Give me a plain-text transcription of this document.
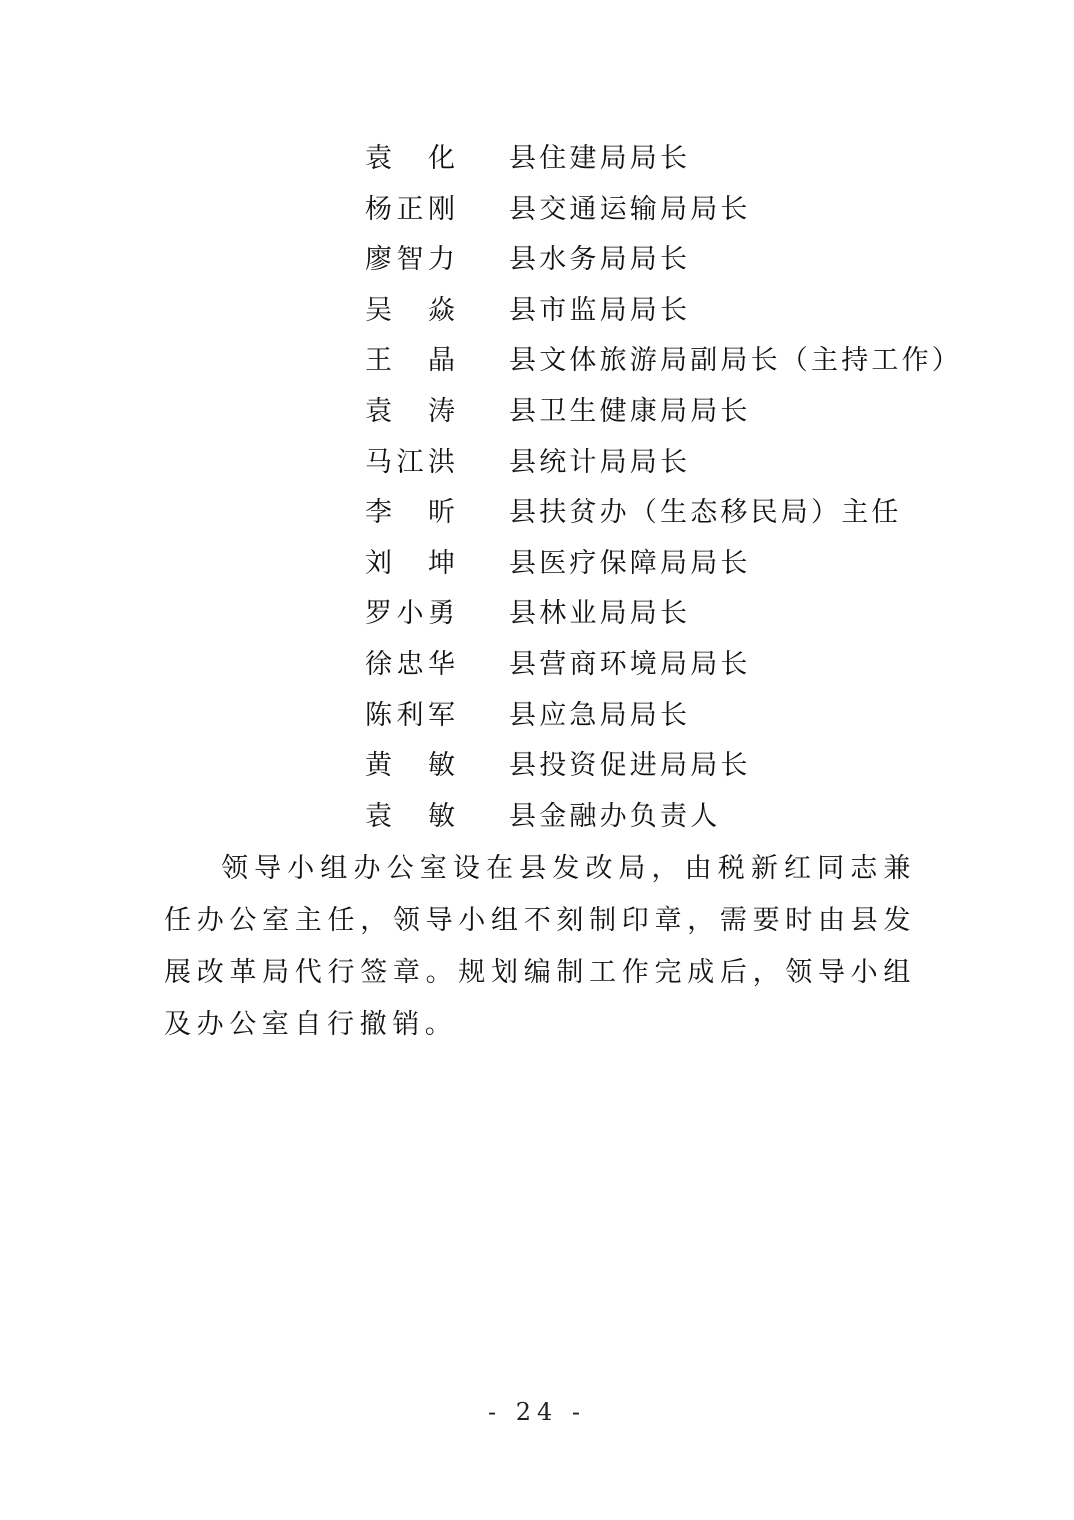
袁 化 县住建局局长
杨正刚 县交通运输局局长
廖智力 县水务局局长
吴 焱 县市监局局长
王 晶 县文体旅游局副局长（主持工作）
袁 涛 县卫生健康局局长
马江洪 县统计局局长
李 昕 县扶贫办（生态移民局）主任
刘 坤 县医疗保障局局长
罗小勇 县林业局局长
徐忠华 县营商环境局局长
陈利军 县应急局局长
黄 敏 县投资促进局局长
袁 敏 县金融办负责人

领导小组办公室设在县发改局，由税新红同志兼任办公室主任，领导小组不刻制印章，需要时由县发展改革局代行签章。规划编制工作完成后，领导小组及办公室自行撤销。

- 24 -
